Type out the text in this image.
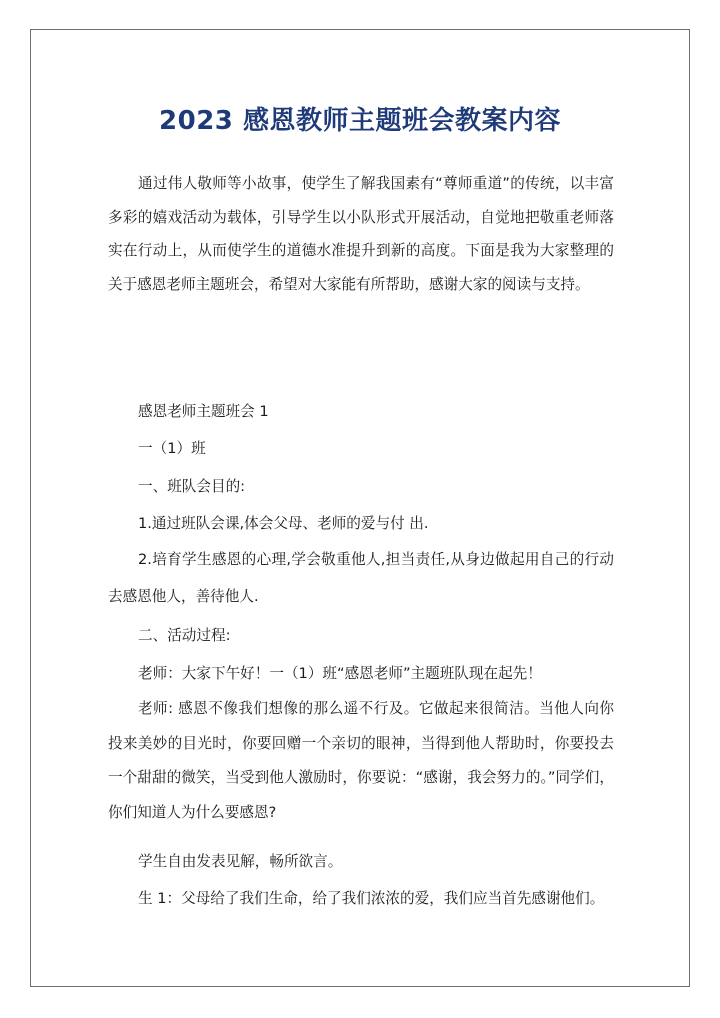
2023 感恩教师主题班会教案内容

通过伟人敬师等小故事，使学生了解我国素有“尊师重道”的传统，以丰富多彩的嬉戏活动为载体，引导学生以小队形式开展活动，自觉地把敬重老师落实在行动上，从而使学生的道德水准提升到新的高度。下面是我为大家整理的关于感恩老师主题班会，希望对大家能有所帮助，感谢大家的阅读与支持。

感恩老师主题班会 1

一（1）班

一、班队会目的:

1.通过班队会课,体会父母、老师的爱与付 出.

2.培育学生感恩的心理,学会敬重他人,担当责任,从身边做起用自己的行动去感恩他人，善待他人.

二、活动过程:

老师：大家下午好！一（1）班“感恩老师”主题班队现在起先！

老师: 感恩不像我们想像的那么遥不行及。它做起来很简洁。当他人向你投来美妙的目光时，你要回赠一个亲切的眼神，当得到他人帮助时，你要投去一个甜甜的微笑，当受到他人激励时，你要说：“感谢，我会努力的。”同学们，你们知道人为什么要感恩?

学生自由发表见解，畅所欲言。

生 1：父母给了我们生命，给了我们浓浓的爱，我们应当首先感谢他们。
